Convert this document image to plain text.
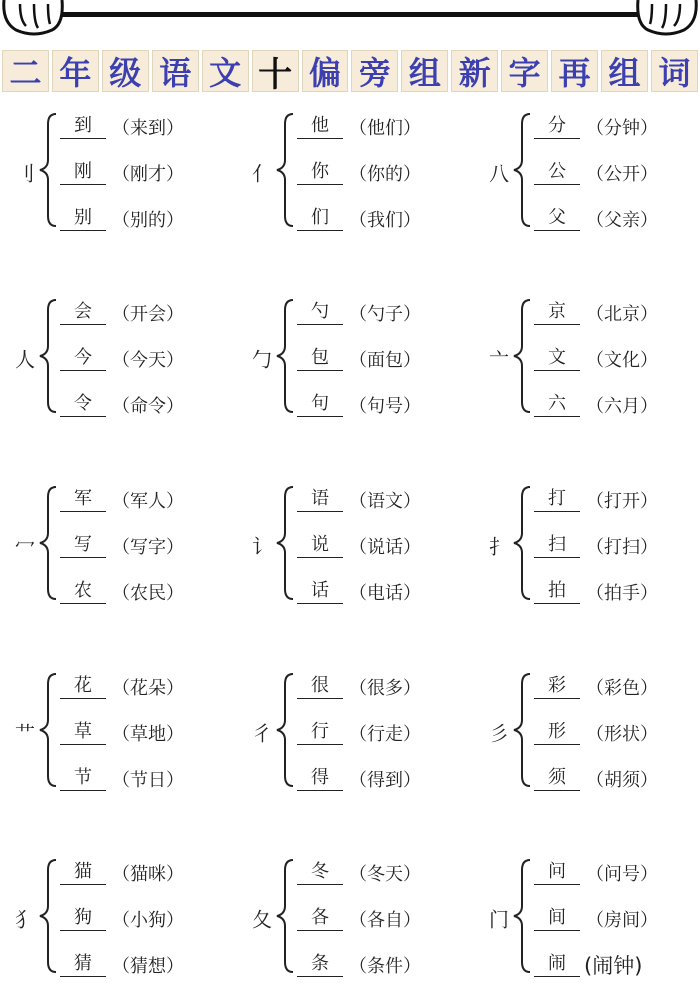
二 年 级 语 文 十 偏 旁 组 新 字 再 组 词
刂
到	（ 来到 ）
刚	（ 刚才 ）
别	（ 别的 ）
亻
他	（ 他们 ）
你	（ 你的 ）
们	（ 我们 ）
八
分	（ 分钟 ）
公	（ 公开 ）
父	（ 父亲 ）
人
会	（ 开会 ）
今	（ 今天 ）
令	（ 命令 ）
勹
勺	（ 勺子 ）
包	（ 面包 ）
句	（ 句号 ）
亠
京	（ 北京 ）
文	（ 文化 ）
六	（ 六月 ）
冖
军	（ 军人 ）
写	（ 写字 ）
农	（ 农民 ）
讠
语	（ 语文 ）
说	（ 说话 ）
话	（ 电话 ）
扌
打	（ 打开 ）
扫	（ 打扫 ）
拍	（ 拍手 ）
艹
花	（ 花朵 ）
草	（ 草地 ）
节	（ 节日 ）
彳
很	（ 很多 ）
行	（ 行走 ）
得	（ 得到 ）
彡
彩	（ 彩色 ）
形	（ 形状 ）
须	（ 胡须 ）
犭
猫	（ 猫咪 ）
狗	（ 小狗 ）
猜	（ 猜想 ）
夂
冬	（ 冬天 ）
各	（ 各自 ）
条	（ 条件 ）
门
问	（ 问号 ）
间	（ 房间 ）
闹 (闹钟)
